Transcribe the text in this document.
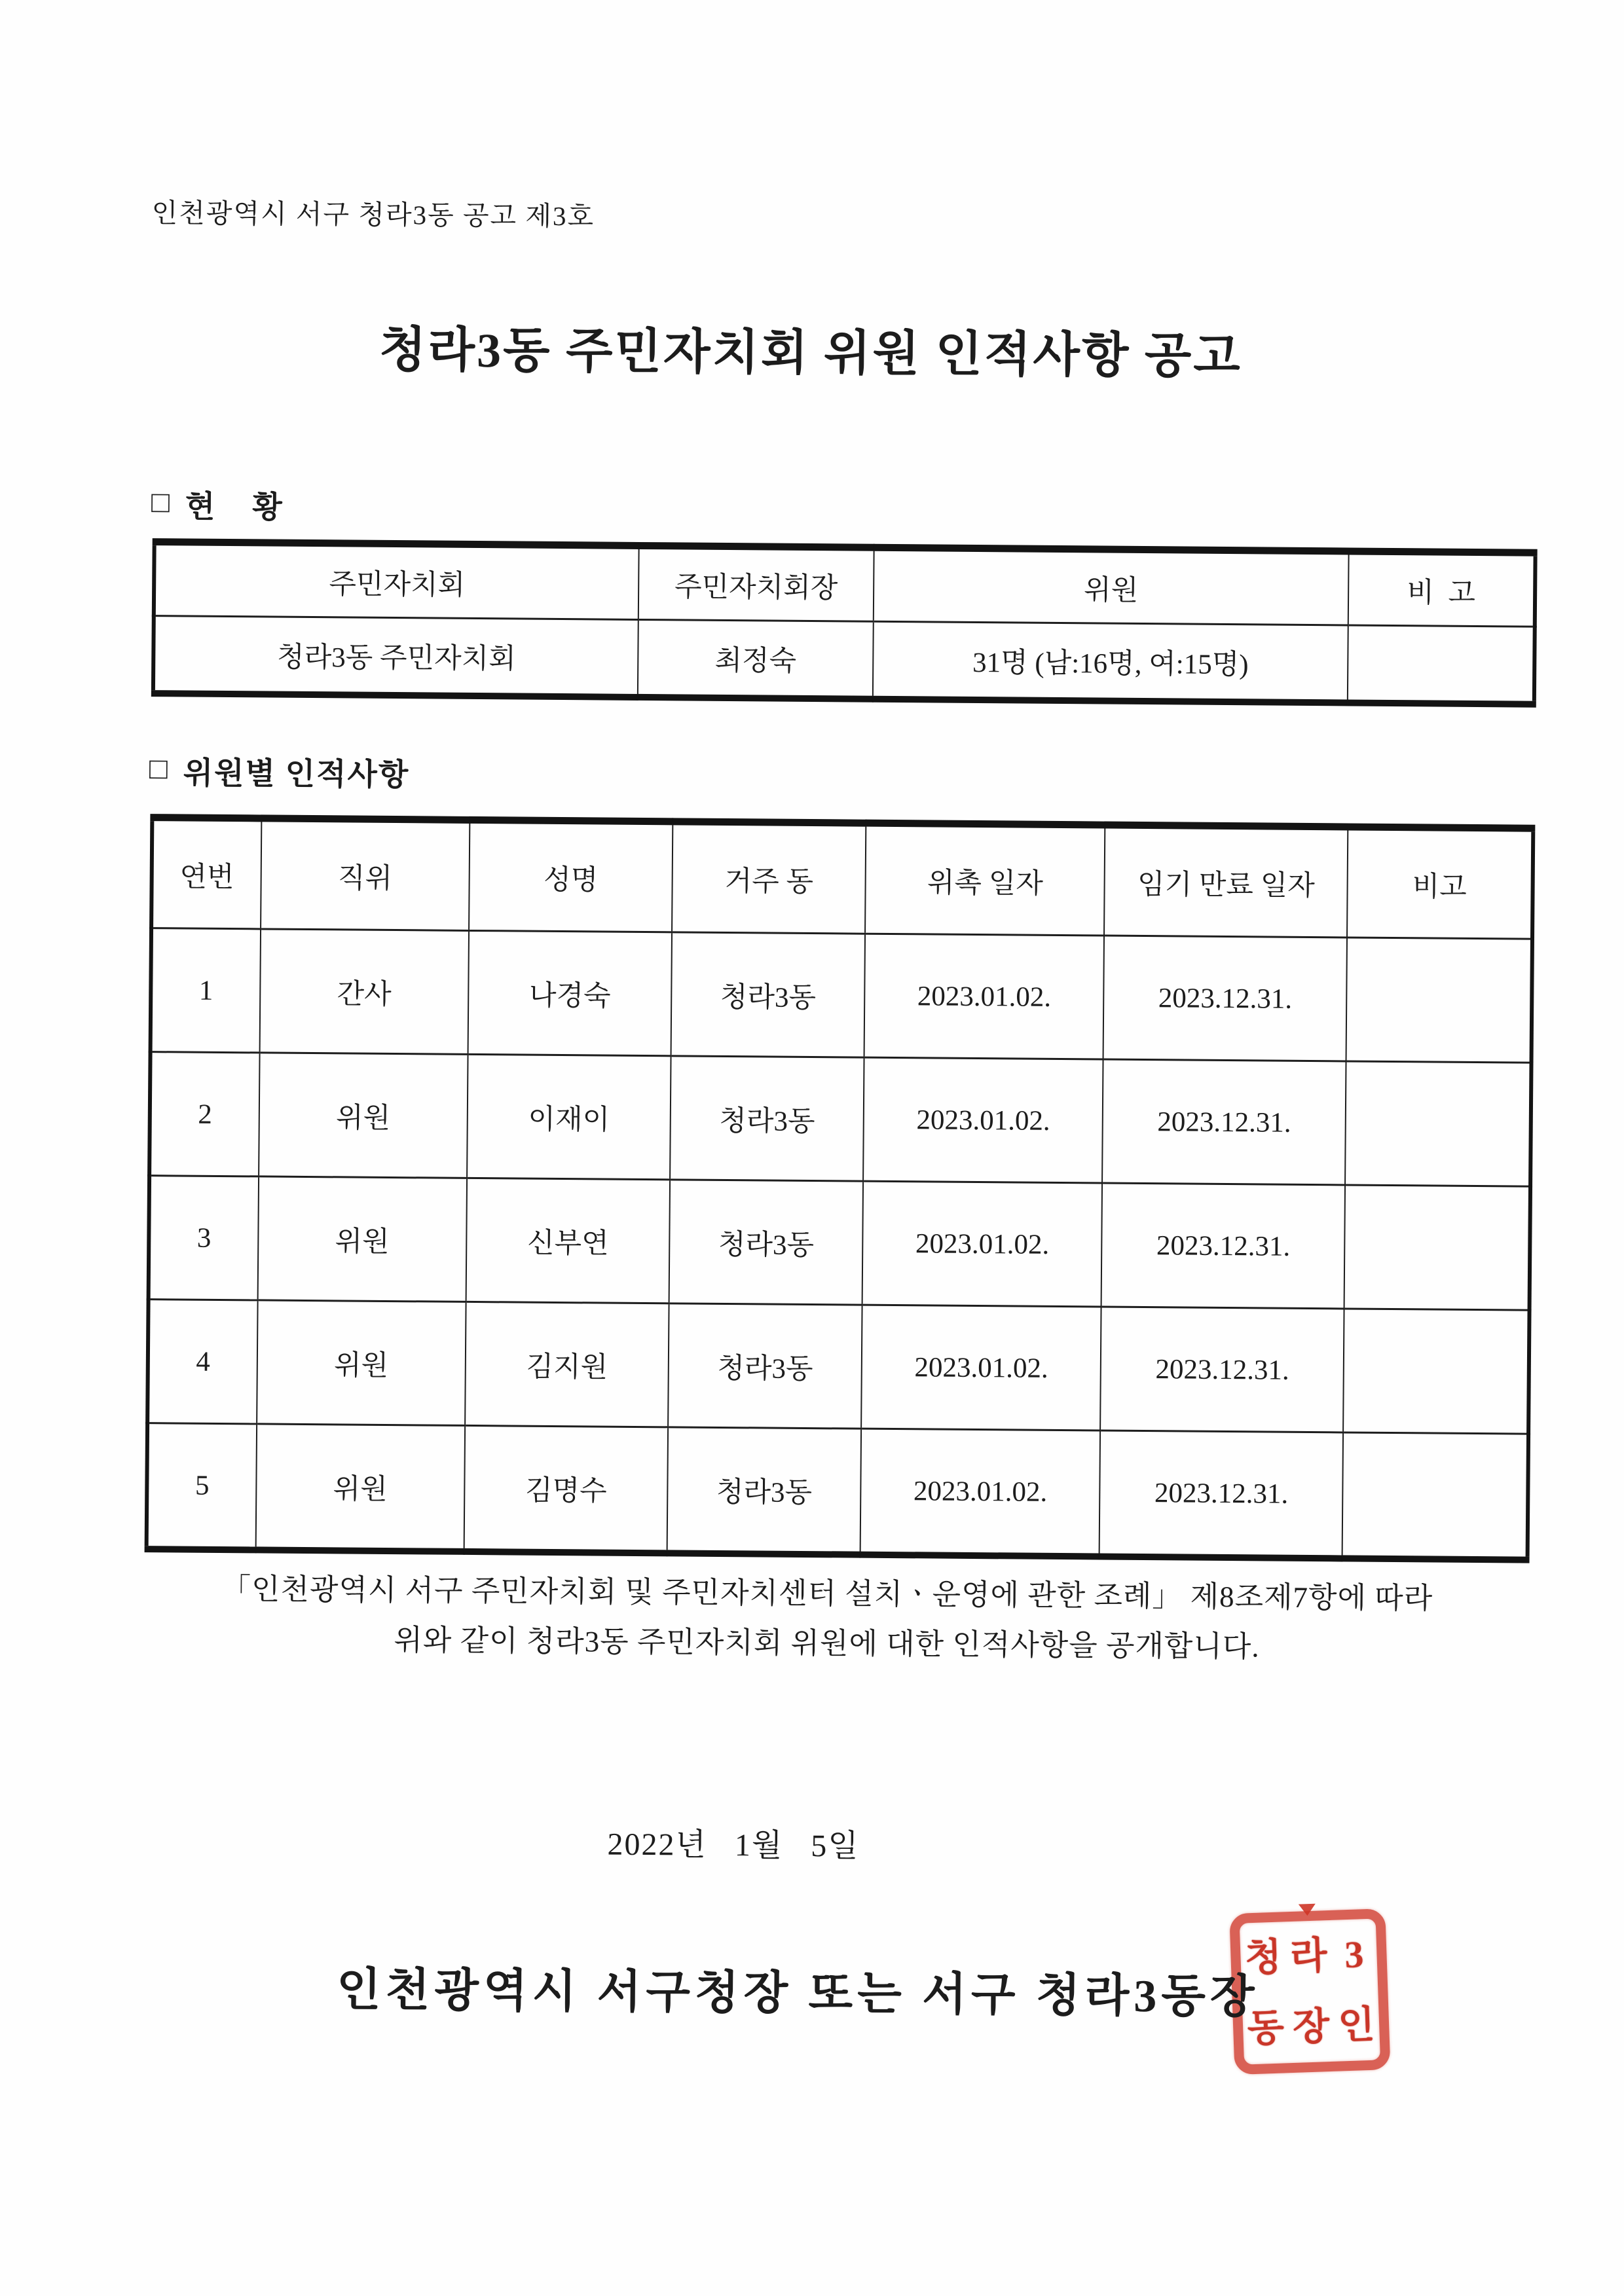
인천광역시 서구 청라3동 공고 제3호
청라3동 주민자치회 위원 인적사항 공고
□ 현    황
주민자치회	주민자치회장	위원	비  고
청라3동 주민자치회	최정숙	31명 (남:16명, 여:15명)	
□ 위원별 인적사항
연번	직위	성명	거주 동	위촉 일자	임기 만료 일자	비고
1	간사	나경숙	청라3동	2023.01.02.	2023.12.31.	
2	위원	이재이	청라3동	2023.01.02.	2023.12.31.	
3	위원	신부연	청라3동	2023.01.02.	2023.12.31.	
4	위원	김지원	청라3동	2023.01.02.	2023.12.31.	
5	위원	김명수	청라3동	2023.01.02.	2023.12.31.	
「인천광역시 서구 주민자치회 및 주민자치센터 설치ㆍ운영에 관한 조례」 제8조제7항에 따라
위와 같이 청라3동 주민자치회 위원에 대한 인적사항을 공개합니다.
2022년   1월   5일
인천광역시 서구청장 또는 서구 청라3동장
청 라 3
동 장 인
